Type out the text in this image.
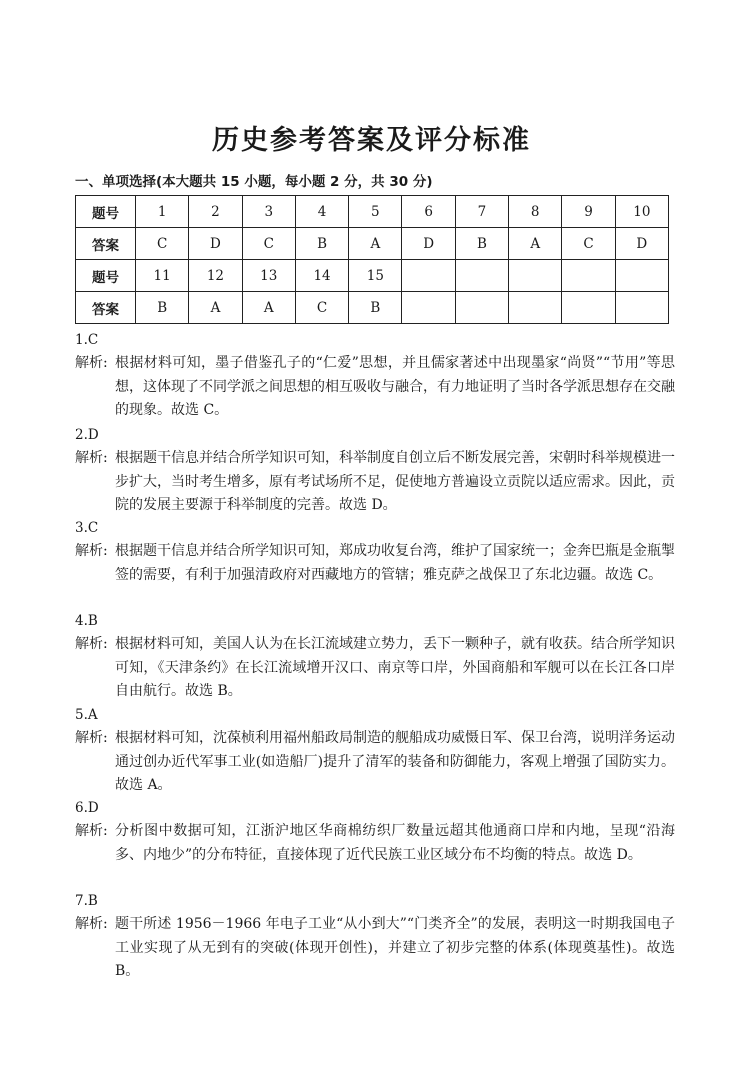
历史参考答案及评分标准
一、单项选择(本大题共 15 小题，每小题 2 分，共 30 分)
题号	1	2	3	4	5	6	7	8	9	10
答案	C	D	C	B	A	D	B	A	C	D
题号	11	12	13	14	15					
答案	B	A	A	C	B					
1.C
解析: 根据材料可知，墨子借鉴孔子的“仁爱”思想，并且儒家著述中出现墨家“尚贤”“节用”等思想，这体现了不同学派之间思想的相互吸收与融合，有力地证明了当时各学派思想存在交融的现象。故选 C。
2.D
解析: 根据题干信息并结合所学知识可知，科举制度自创立后不断发展完善，宋朝时科举规模进一步扩大，当时考生增多，原有考试场所不足，促使地方普遍设立贡院以适应需求。因此，贡院的发展主要源于科举制度的完善。故选 D。
3.C
解析: 根据题干信息并结合所学知识可知，郑成功收复台湾，维护了国家统一；金奔巴瓶是金瓶掣签的需要，有利于加强清政府对西藏地方的管辖；雅克萨之战保卫了东北边疆。故选 C。
4.B
解析: 根据材料可知，美国人认为在长江流域建立势力，丢下一颗种子，就有收获。结合所学知识可知，《天津条约》在长江流域增开汉口、南京等口岸，外国商船和军舰可以在长江各口岸自由航行。故选 B。
5.A
解析: 根据材料可知，沈葆桢利用福州船政局制造的舰船成功威慑日军、保卫台湾，说明洋务运动通过创办近代军事工业(如造船厂)提升了清军的装备和防御能力，客观上增强了国防实力。故选 A。
6.D
解析: 分析图中数据可知，江浙沪地区华商棉纺织厂数量远超其他通商口岸和内地，呈现“沿海多、内地少”的分布特征，直接体现了近代民族工业区域分布不均衡的特点。故选 D。
7.B
解析: 题干所述 1956－1966 年电子工业“从小到大”“门类齐全”的发展，表明这一时期我国电子工业实现了从无到有的突破(体现开创性)，并建立了初步完整的体系(体现奠基性)。故选 B。
